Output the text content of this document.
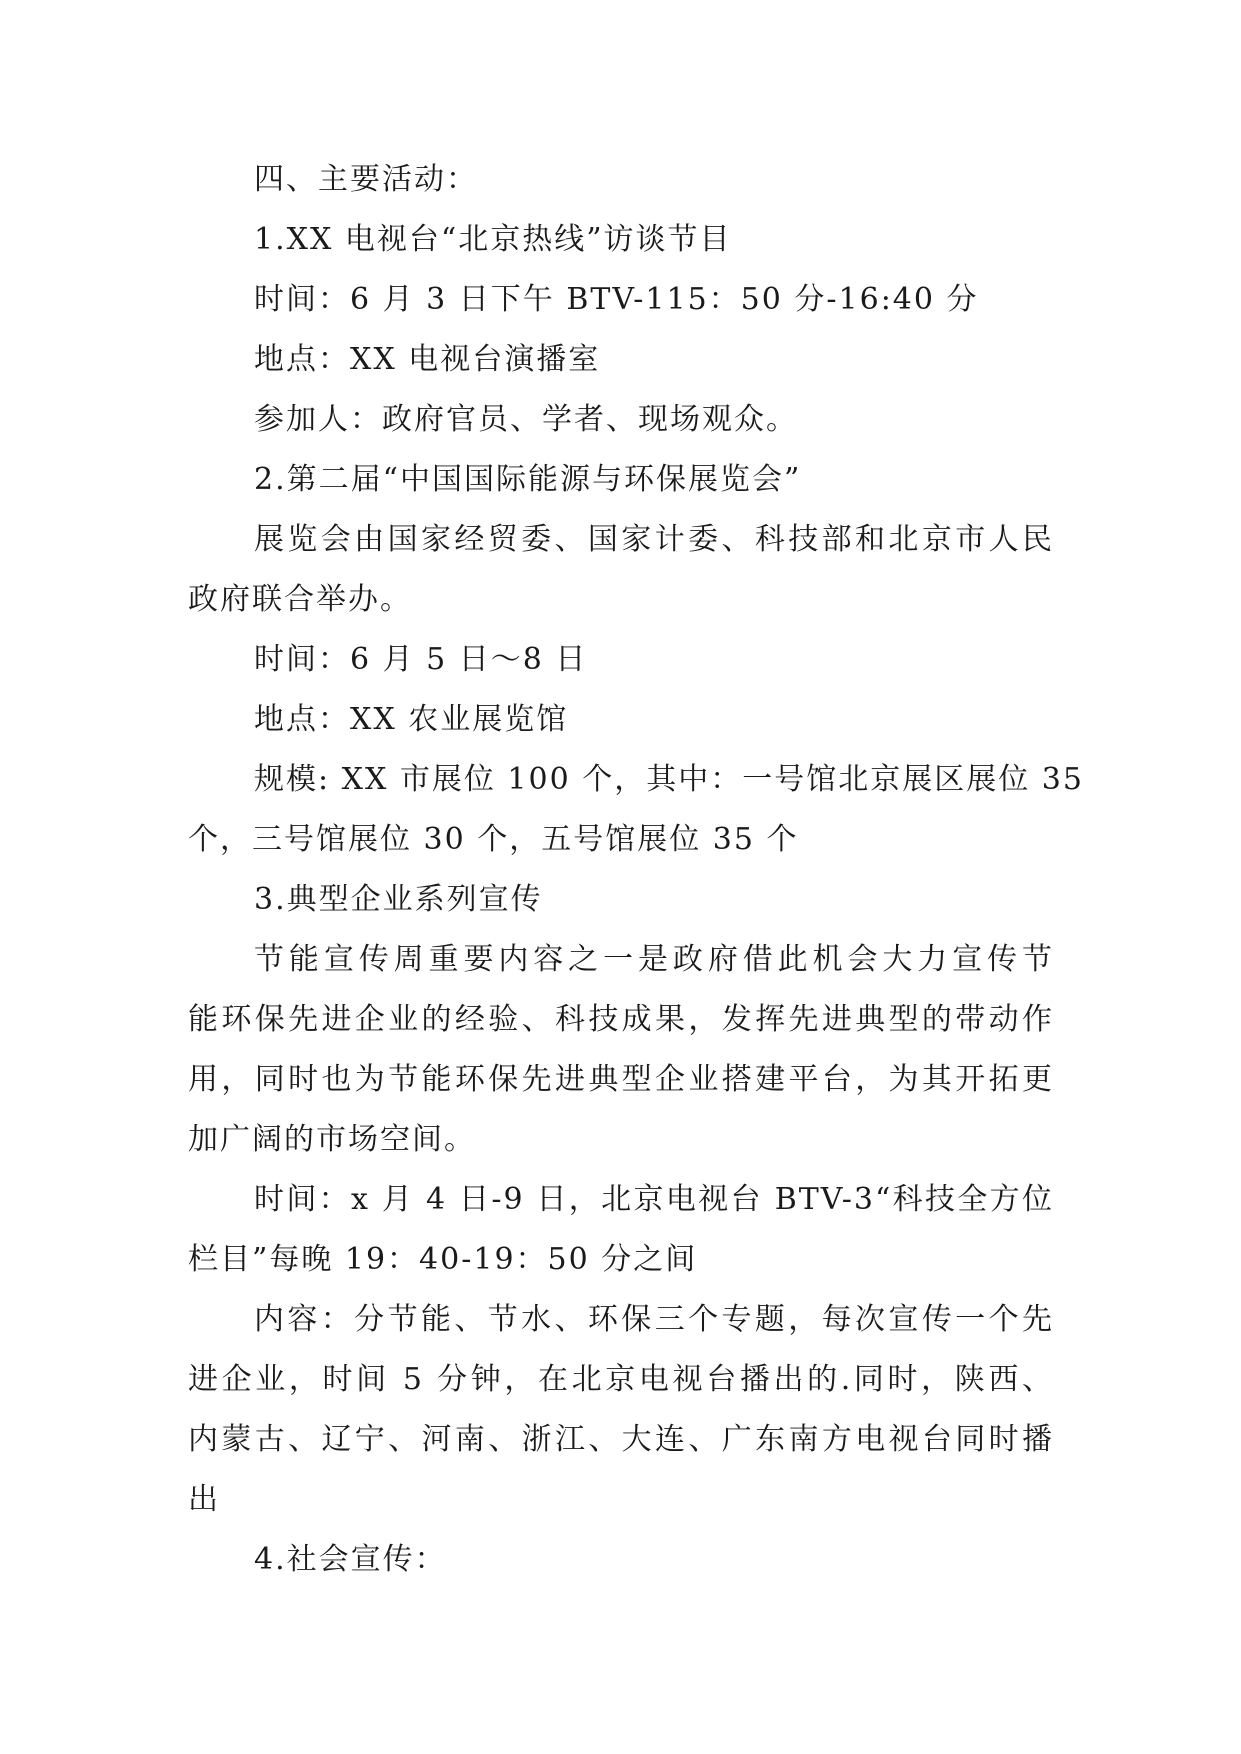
四、主要活动：
1.XX 电视台“北京热线”访谈节目
时间：6 月 3 日下午 BTV-115：50 分-16:40 分
地点：XX 电视台演播室
参加人：政府官员、学者、现场观众。
2.第二届“中国国际能源与环保展览会”
展览会由国家经贸委、国家计委、科技部和北京市人民
政府联合举办。
时间：6 月 5 日～8 日
地点：XX 农业展览馆
规模: XX 市展位 100 个，其中：一号馆北京展区展位 35
个，三号馆展位 30 个，五号馆展位 35 个
3.典型企业系列宣传
节能宣传周重要内容之一是政府借此机会大力宣传节
能环保先进企业的经验、科技成果，发挥先进典型的带动作
用，同时也为节能环保先进典型企业搭建平台，为其开拓更
加广阔的市场空间。
时间：x 月 4 日-9 日，北京电视台 BTV-3“科技全方位
栏目”每晚 19：40-19：50 分之间
内容：分节能、节水、环保三个专题，每次宣传一个先
进企业，时间 5 分钟，在北京电视台播出的.同时，陕西、
内蒙古、辽宁、河南、浙江、大连、广东南方电视台同时播
出
4.社会宣传：
